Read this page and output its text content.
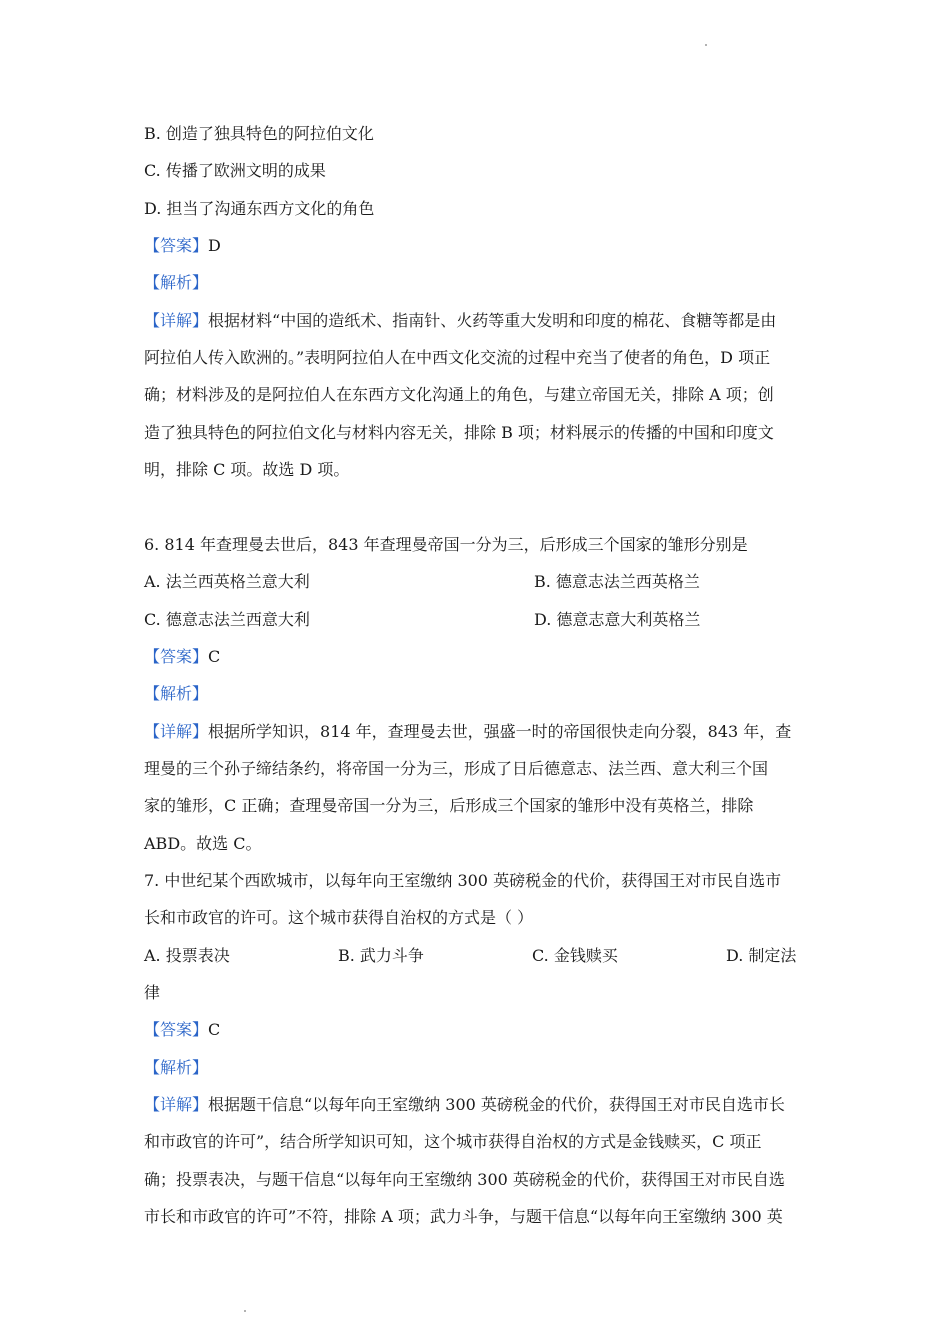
B. 创造了独具特色的阿拉伯文化
C. 传播了欧洲文明的成果
D. 担当了沟通东西方文化的角色
【答案】D
【解析】
【详解】根据材料“中国的造纸术、指南针、火药等重大发明和印度的棉花、食糖等都是由
阿拉伯人传入欧洲的。”表明阿拉伯人在中西文化交流的过程中充当了使者的角色，D 项正
确；材料涉及的是阿拉伯人在东西方文化沟通上的角色，与建立帝国无关，排除 A 项；创
造了独具特色的阿拉伯文化与材料内容无关，排除 B 项；材料展示的传播的中国和印度文
明，排除 C 项。故选 D 项。
6. 814 年查理曼去世后，843 年查理曼帝国一分为三，后形成三个国家的雏形分别是
A. 法兰西英格兰意大利	B. 德意志法兰西英格兰
C. 德意志法兰西意大利	D. 德意志意大利英格兰
【答案】C
【解析】
【详解】根据所学知识，814 年，查理曼去世，强盛一时的帝国很快走向分裂，843 年，查
理曼的三个孙子缔结条约，将帝国一分为三，形成了日后德意志、法兰西、意大利三个国
家的雏形，C 正确；查理曼帝国一分为三，后形成三个国家的雏形中没有英格兰，排除
ABD。故选 C。
7. 中世纪某个西欧城市，以每年向王室缴纳 300 英磅税金的代价，获得国王对市民自选市
长和市政官的许可。这个城市获得自治权的方式是（ ）
A. 投票表决	B. 武力斗争	C. 金钱赎买	D. 制定法
律
【答案】C
【解析】
【详解】根据题干信息“以每年向王室缴纳 300 英磅税金的代价，获得国王对市民自选市长
和市政官的许可”，结合所学知识可知，这个城市获得自治权的方式是金钱赎买，C 项正
确；投票表决，与题干信息“以每年向王室缴纳 300 英磅税金的代价，获得国王对市民自选
市长和市政官的许可”不符，排除 A 项；武力斗争，与题干信息“以每年向王室缴纳 300 英
